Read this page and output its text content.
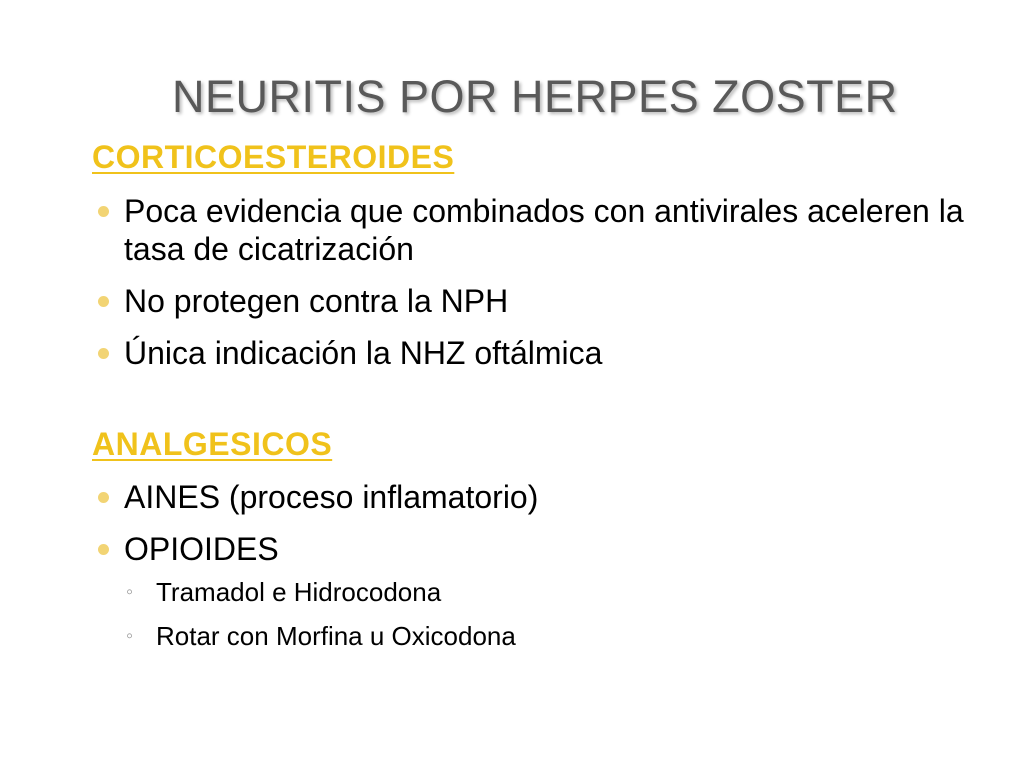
NEURITIS POR HERPES ZOSTER
CORTICOESTEROIDES
Poca evidencia que combinados con antivirales aceleren la tasa de cicatrización
No protegen contra la NPH
Única indicación la NHZ oftálmica
ANALGESICOS
AINES (proceso inflamatorio)
OPIOIDES
◦ Tramadol e Hidrocodona
◦ Rotar con Morfina u Oxicodona
